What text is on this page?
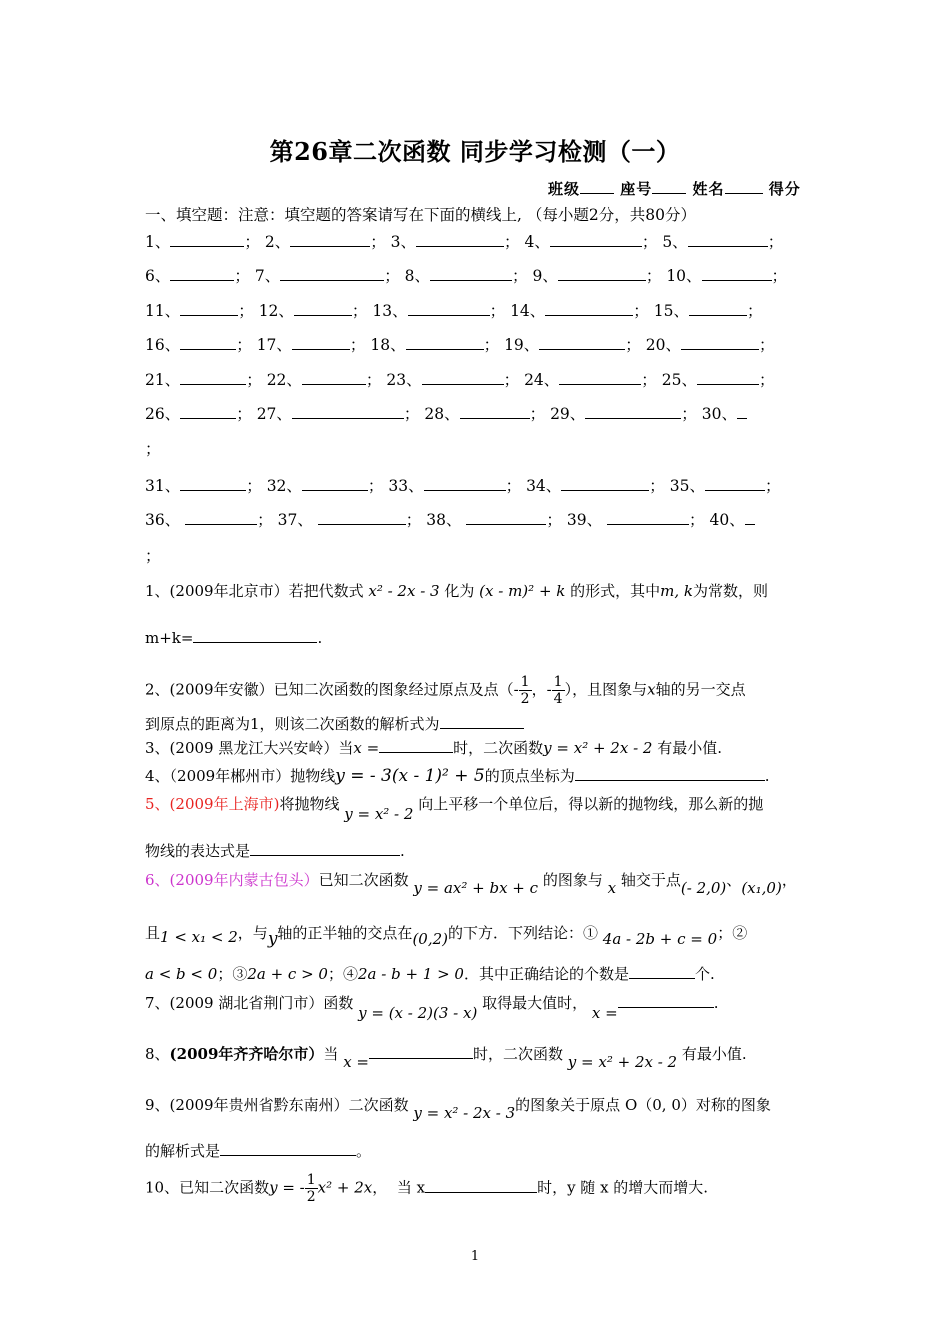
第26章二次函数 同步学习检测（一）
班级	座号	姓名	得分
一、填空题：注意：填空题的答案请写在下面的横线上, （每小题2分，共80分）
1、	； 2、	； 3、	； 4、	； 5、	；
6、	； 7、	； 8、	； 9、	； 10、	；
11、	； 12、	； 13、	； 14、	； 15、	；
16、	； 17、	； 18、	； 19、	； 20、	；
21、	； 22、	； 23、	； 24、	； 25、	；
26、	； 27、	； 28、	； 29、	； 30、
；
31、	； 32、	； 33、	； 34、	； 35、	；
36、	； 37、	； 38、	； 39、	； 40、
；
1、(2009年北京市）若把代数式 x² - 2x - 3 化为 (x - m)² + k 的形式，其中m, k为常数，则
m+k=	.
2、(2009年安徽）已知二次函数的图象经过原点及点（- $\frac{1}{2}$ ，- $\frac{1}{4}$ ），且图象与x轴的另一交点
到原点的距离为1，则该二次函数的解析式为
3、(2009 黑龙江大兴安岭）当x =	时，二次函数y = x² + 2x - 2 有最小值.
4、（2009年郴州市）抛物线y = - 3(x - 1)² + 5的顶点坐标为	.
5、(2009年上海市)将抛物线 y = x² - 2 向上平移一个单位后，得以新的抛物线，那么新的抛
物线的表达式是	.
6、(2009年内蒙古包头）已知二次函数 y = ax² + bx + c 的图象与 x 轴交于点(- 2,0)、(x₁,0)，
且1 < x₁ < 2，与y轴的正半轴的交点在(0,2)的下方．下列结论：① 4a - 2b + c = 0；②
a < b < 0；③2a + c > 0；④2a - b + 1 > 0．其中正确结论的个数是	个.
7、(2009 湖北省荆门市）函数 y = (x - 2)(3 - x) 取得最大值时， x =.
8、(2009年齐齐哈尔市）当 x =	时，二次函数 y = x² + 2x - 2 有最小值.
9、(2009年贵州省黔东南州）二次函数 y = x² - 2x - 3的图象关于原点 O（0, 0）对称的图象
的解析式是	。
10、已知二次函数y = - $\frac{1}{2} x^2 + 2x$， 当 x	时，y 随 x 的增大而增大.
1
